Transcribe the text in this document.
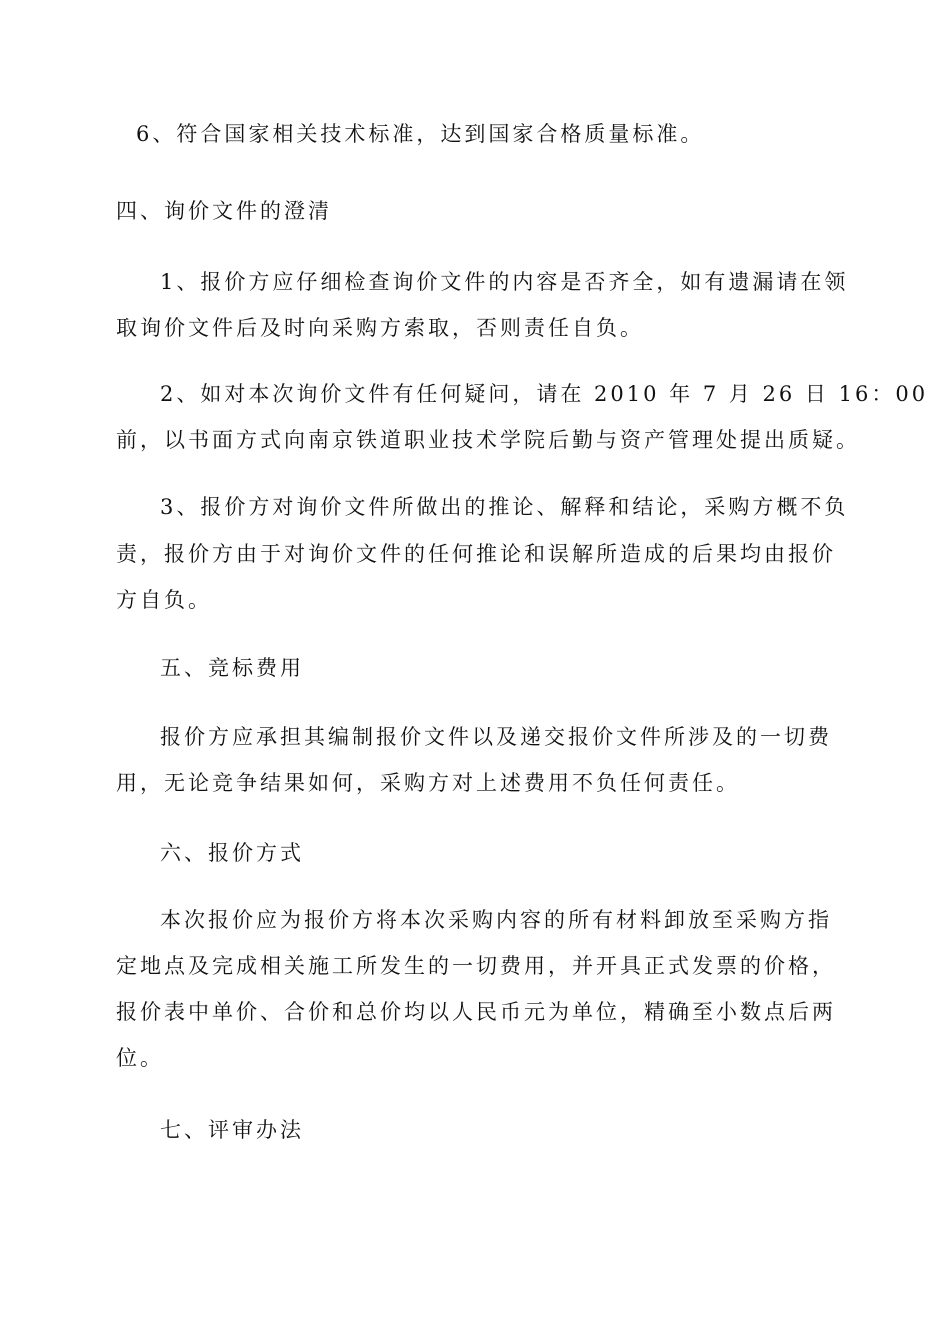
6、符合国家相关技术标准，达到国家合格质量标准。
四、询价文件的澄清
1、报价方应仔细检查询价文件的内容是否齐全，如有遗漏请在领
取询价文件后及时向采购方索取，否则责任自负。
2、如对本次询价文件有任何疑问，请在 2010 年 7 月 26 日 16：00
前，以书面方式向南京铁道职业技术学院后勤与资产管理处提出质疑。
3、报价方对询价文件所做出的推论、解释和结论，采购方概不负
责，报价方由于对询价文件的任何推论和误解所造成的后果均由报价
方自负。
五、竞标费用
报价方应承担其编制报价文件以及递交报价文件所涉及的一切费
用，无论竞争结果如何，采购方对上述费用不负任何责任。
六、报价方式
本次报价应为报价方将本次采购内容的所有材料卸放至采购方指
定地点及完成相关施工所发生的一切费用，并开具正式发票的价格，
报价表中单价、合价和总价均以人民币元为单位，精确至小数点后两
位。
七、评审办法
